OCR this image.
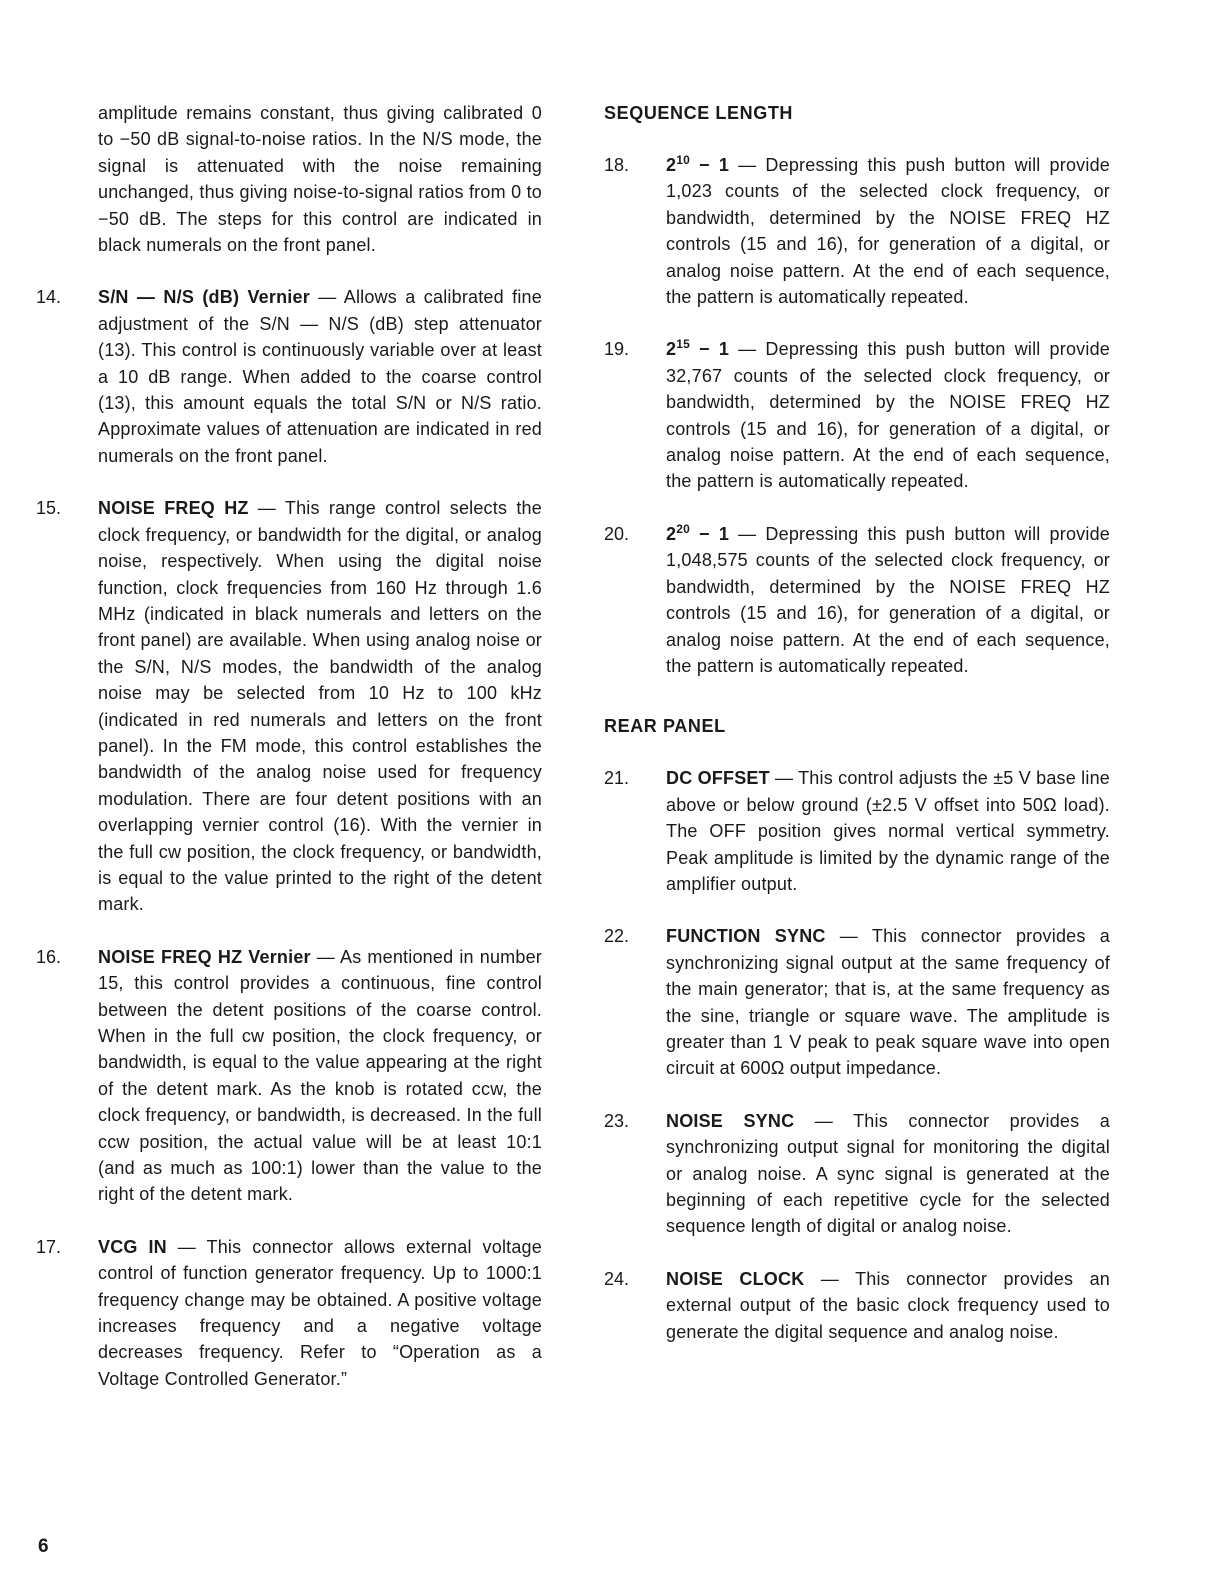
amplitude remains constant, thus giving calibrated 0 to −50 dB signal-to-noise ratios. In the N/S mode, the signal is attenuated with the noise remaining unchanged, thus giving noise-to-signal ratios from 0 to −50 dB. The steps for this control are indicated in black numerals on the front panel.
14.	S/N — N/S (dB) Vernier — Allows a calibrated fine adjustment of the S/N — N/S (dB) step attenuator (13). This control is continuously variable over at least a 10 dB range. When added to the coarse control (13), this amount equals the total S/N or N/S ratio. Approximate values of attenuation are indicated in red numerals on the front panel.
15.	NOISE FREQ HZ — This range control selects the clock frequency, or bandwidth for the digital, or analog noise, respectively. When using the digital noise function, clock frequencies from 160 Hz through 1.6 MHz (indicated in black numerals and letters on the front panel) are available. When using analog noise or the S/N, N/S modes, the bandwidth of the analog noise may be selected from 10 Hz to 100 kHz (indicated in red numerals and letters on the front panel). In the FM mode, this control establishes the bandwidth of the analog noise used for frequency modulation. There are four detent positions with an overlapping vernier control (16). With the vernier in the full cw position, the clock frequency, or bandwidth, is equal to the value printed to the right of the detent mark.
16.	NOISE FREQ HZ Vernier — As mentioned in number 15, this control provides a continuous, fine control between the detent positions of the coarse control. When in the full cw position, the clock frequency, or bandwidth, is equal to the value appearing at the right of the detent mark. As the knob is rotated ccw, the clock frequency, or bandwidth, is decreased. In the full ccw position, the actual value will be at least 10:1 (and as much as 100:1) lower than the value to the right of the detent mark.
17.	VCG IN — This connector allows external voltage control of function generator frequency. Up to 1000:1 frequency change may be obtained. A positive voltage increases frequency and a negative voltage decreases frequency. Refer to “Operation as a Voltage Controlled Generator.”
SEQUENCE LENGTH
18.	$2^{10} - 1$ — Depressing this push button will provide 1,023 counts of the selected clock frequency, or bandwidth, determined by the NOISE FREQ HZ controls (15 and 16), for generation of a digital, or analog noise pattern. At the end of each sequence, the pattern is automatically repeated.
19.	$2^{15} - 1$ — Depressing this push button will provide 32,767 counts of the selected clock frequency, or bandwidth, determined by the NOISE FREQ HZ controls (15 and 16), for generation of a digital, or analog noise pattern. At the end of each sequence, the pattern is automatically repeated.
20.	$2^{20} - 1$ — Depressing this push button will provide 1,048,575 counts of the selected clock frequency, or bandwidth, determined by the NOISE FREQ HZ controls (15 and 16), for generation of a digital, or analog noise pattern. At the end of each sequence, the pattern is automatically repeated.
REAR PANEL
21.	DC OFFSET — This control adjusts the ±5 V base line above or below ground (±2.5 V offset into 50Ω load). The OFF position gives normal vertical symmetry. Peak amplitude is limited by the dynamic range of the amplifier output.
22.	FUNCTION SYNC — This connector provides a synchronizing signal output at the same frequency of the main generator; that is, at the same frequency as the sine, triangle or square wave. The amplitude is greater than 1 V peak to peak square wave into open circuit at 600Ω output impedance.
23.	NOISE SYNC — This connector provides a synchronizing output signal for monitoring the digital or analog noise. A sync signal is generated at the beginning of each repetitive cycle for the selected sequence length of digital or analog noise.
24.	NOISE CLOCK — This connector provides an external output of the basic clock frequency used to generate the digital sequence and analog noise.
6
